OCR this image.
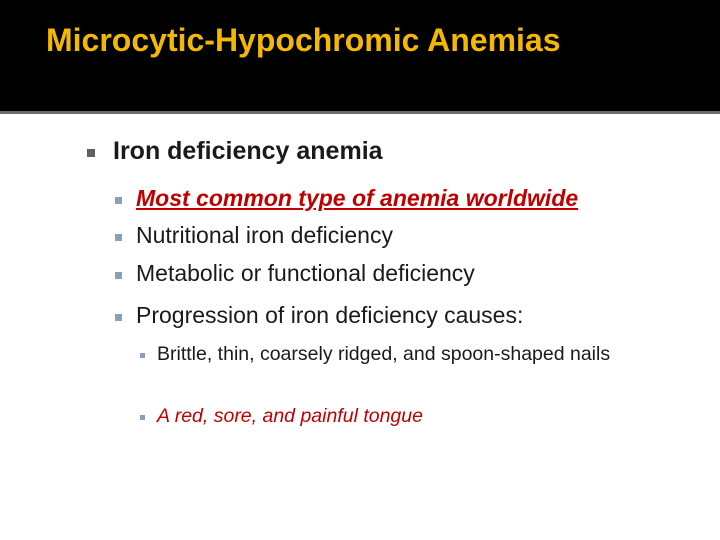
Microcytic-Hypochromic Anemias
Iron deficiency anemia
Most common type of anemia worldwide
Nutritional iron deficiency
Metabolic or functional deficiency
Progression of iron deficiency causes:
Brittle, thin, coarsely ridged, and spoon-shaped nails
A red, sore, and painful tongue
